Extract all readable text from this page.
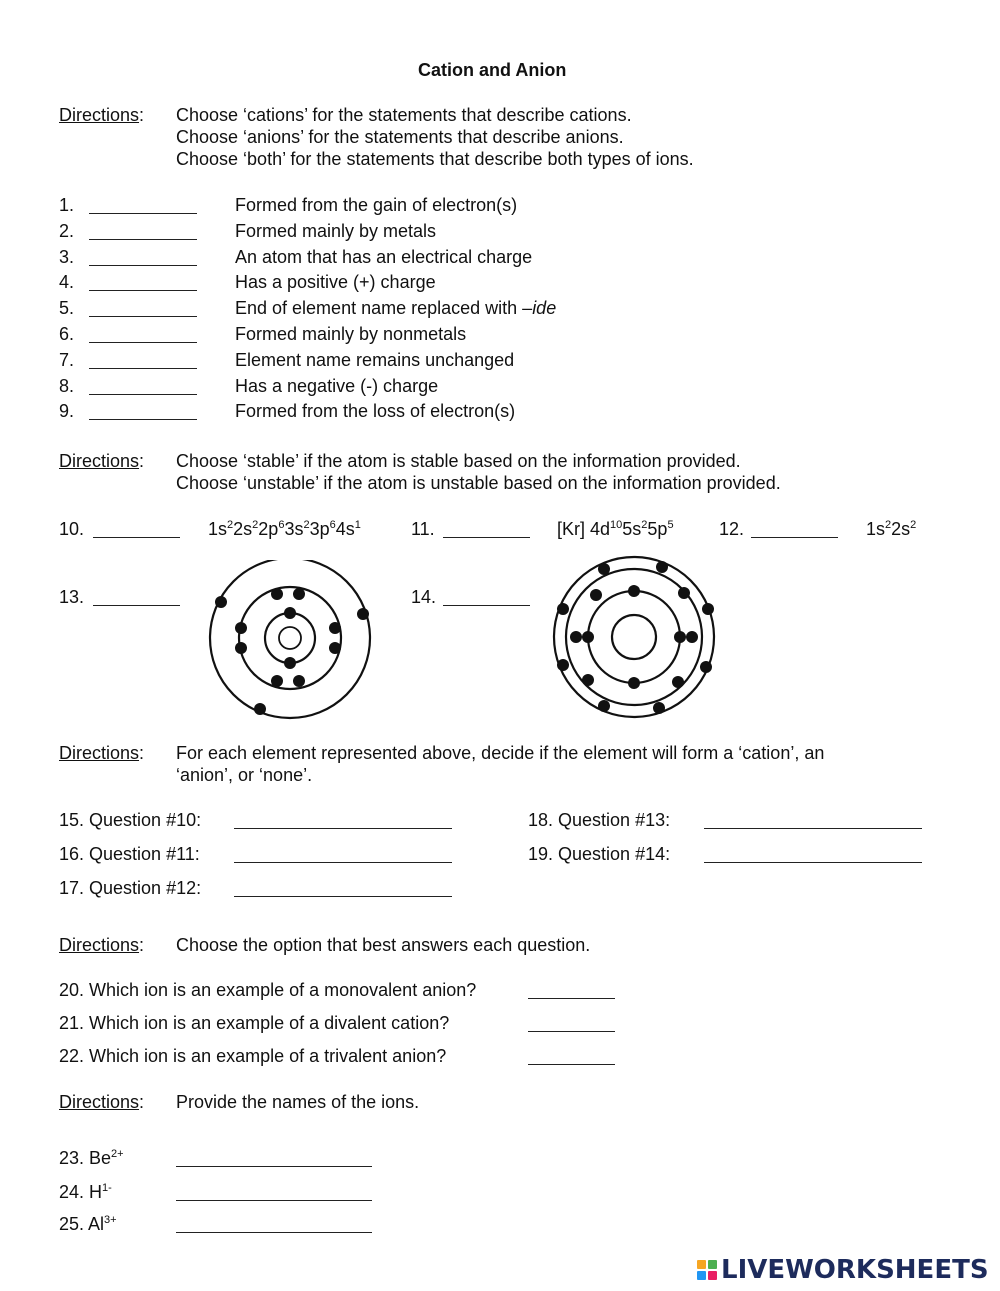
Cation and Anion
Directions: Choose ‘cations’ for the statements that describe cations.
Choose ‘anions’ for the statements that describe anions.
Choose ‘both’ for the statements that describe both types of ions.
1.	Formed from the gain of electron(s)
2.	Formed mainly by metals
3.	An atom that has an electrical charge
4.	Has a positive (+) charge
5.	End of element name replaced with –ide
6.	Formed mainly by nonmetals
7.	Element name remains unchanged
8.	Has a negative (-) charge
9.	Formed from the loss of electron(s)
Directions: Choose ‘stable’ if the atom is stable based on the information provided.
Choose ‘unstable’ if the atom is unstable based on the information provided.
10.	$1s^22s^22p^63s^23p^64s^1$	11.	[Kr] $4d^{10}5s^25p^5$	12.	$1s^22s^2$
13.	14.
Directions: For each element represented above, decide if the element will form a ‘cation’, an
‘anion’, or ‘none’.
15. Question #10:
16. Question #11:
17. Question #12:
18. Question #13:
19. Question #14:
Directions: Choose the option that best answers each question.
20. Which ion is an example of a monovalent anion?
21. Which ion is an example of a divalent cation?
22. Which ion is an example of a trivalent anion?
Directions: Provide the names of the ions.
23. $Be^{2+}$
24. $H^{1-}$
25. $Al^{3+}$
LIVEWORKSHEETS
